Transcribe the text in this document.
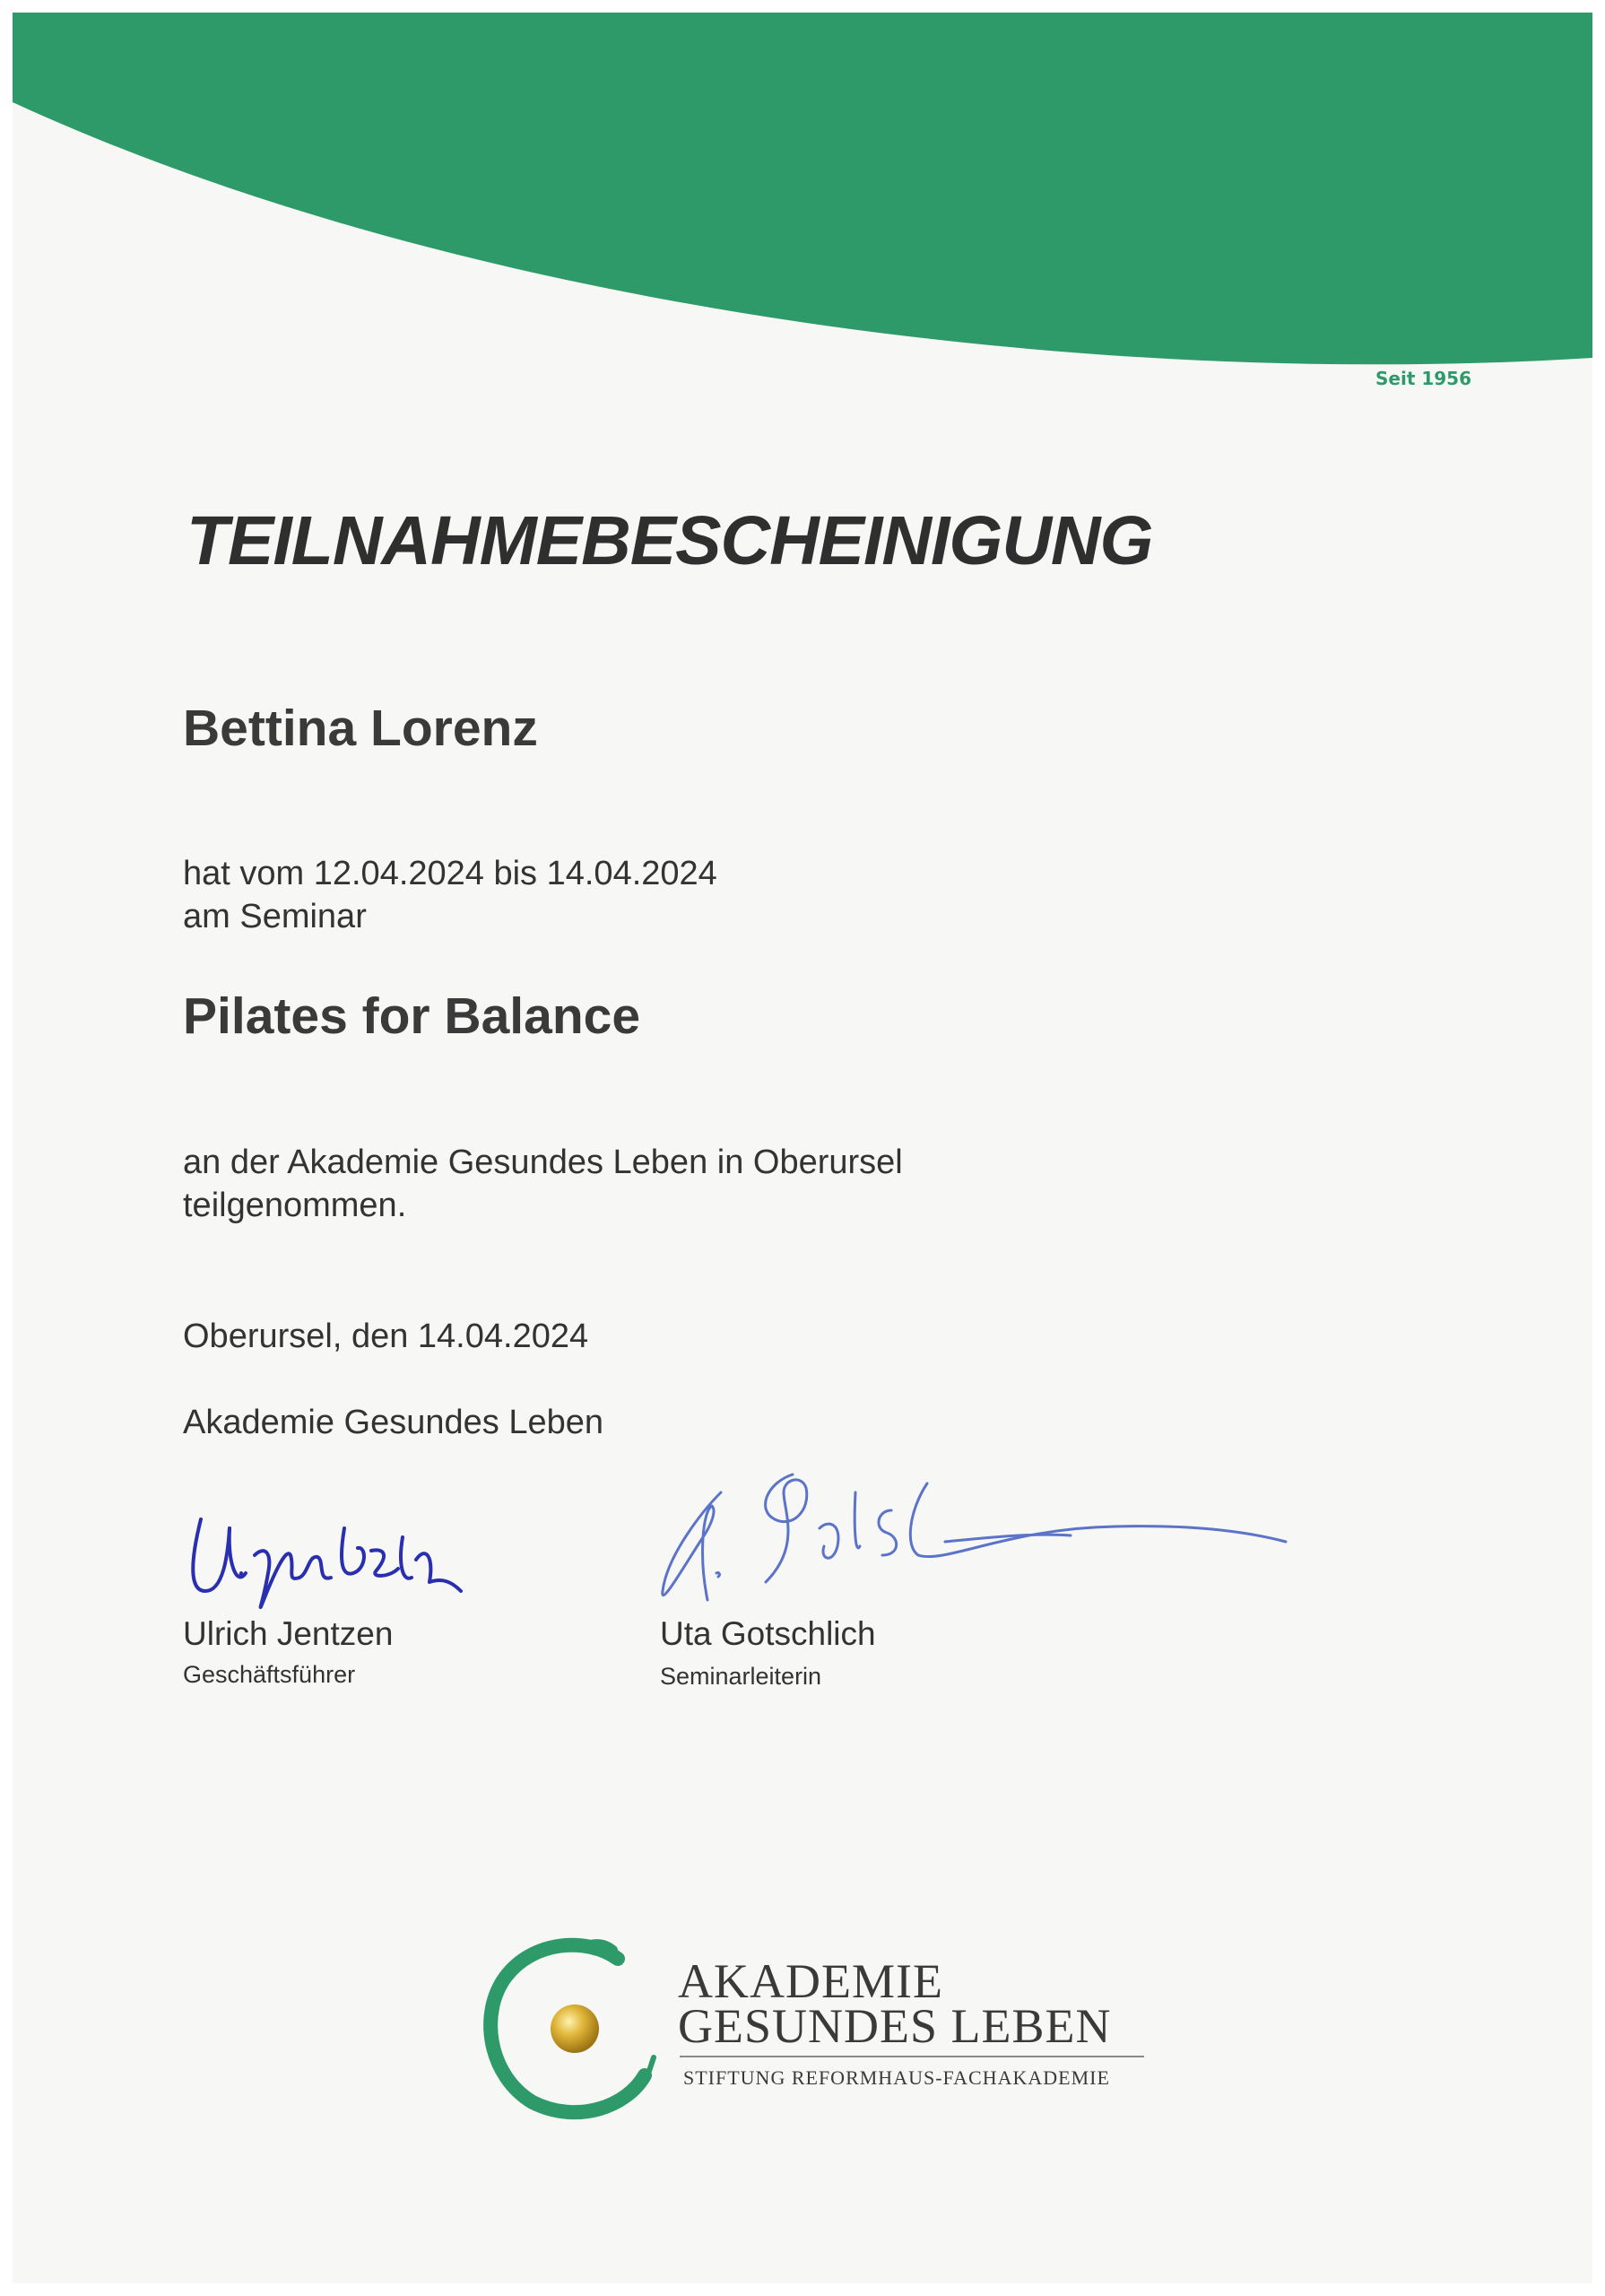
Seit 1956
TEILNAHMEBESCHEINIGUNG
Bettina Lorenz
hat vom 12.04.2024 bis 14.04.2024
am Seminar
Pilates for Balance
an der Akademie Gesundes Leben in Oberursel
teilgenommen.
Oberursel, den 14.04.2024
Akademie Gesundes Leben
Ulrich Jentzen
Geschäftsführer
Uta Gotschlich
Seminarleiterin
AKADEMIE
GESUNDES LEBEN
STIFTUNG REFORMHAUS-FACHAKADEMIE
